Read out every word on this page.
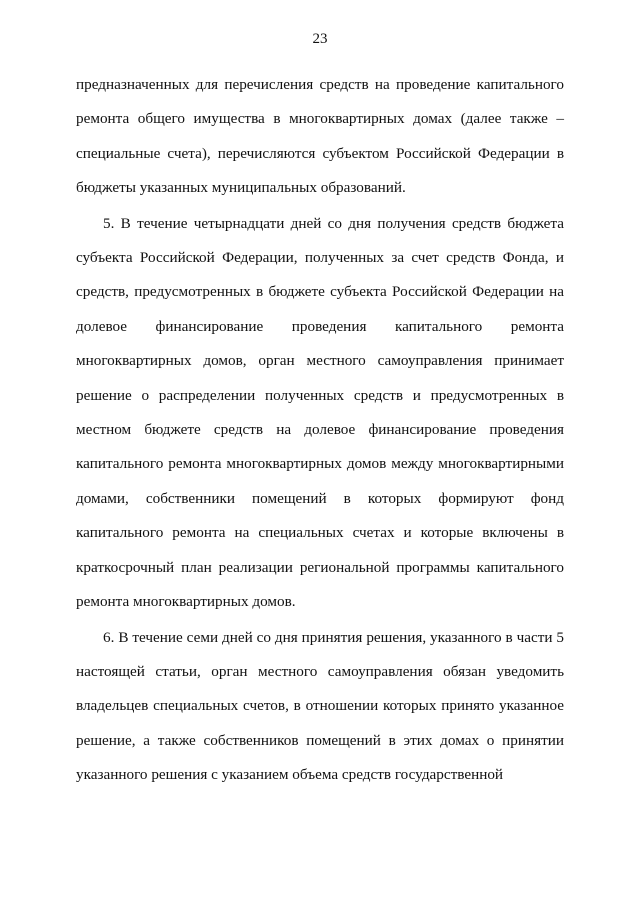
23

предназначенных для перечисления средств на проведение капитального ремонта общего имущества в многоквартирных домах (далее также – специальные счета), перечисляются субъектом Российской Федерации в бюджеты указанных муниципальных образований.

5. В течение четырнадцати дней со дня получения средств бюджета субъекта Российской Федерации, полученных за счет средств Фонда, и средств, предусмотренных в бюджете субъекта Российской Федерации на долевое финансирование проведения капитального ремонта многоквартирных домов, орган местного самоуправления принимает решение о распределении полученных средств и предусмотренных в местном бюджете средств на долевое финансирование проведения капитального ремонта многоквартирных домов между многоквартирными домами, собственники помещений в которых формируют фонд капитального ремонта на специальных счетах и которые включены в краткосрочный план реализации региональной программы капитального ремонта многоквартирных домов.

6. В течение семи дней со дня принятия решения, указанного в части 5 настоящей статьи, орган местного самоуправления обязан уведомить владельцев специальных счетов, в отношении которых принято указанное решение, а также собственников помещений в этих домах о принятии указанного решения с указанием объема средств государственной
